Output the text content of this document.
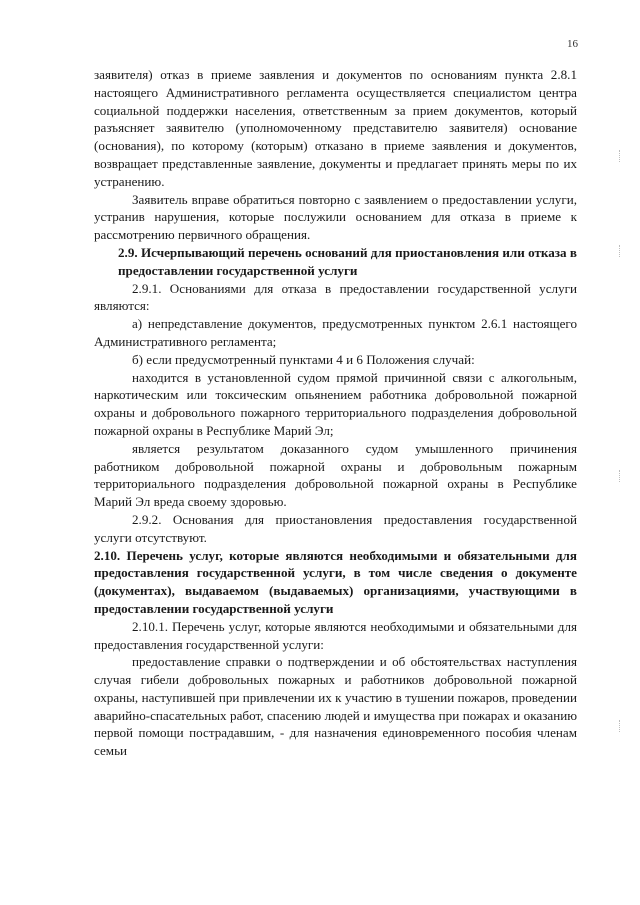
16

заявителя) отказ в приеме заявления и документов по основаниям пункта 2.8.1 настоящего Административного регламента осуществляется специалистом центра социальной поддержки населения, ответственным за прием документов, который разъясняет заявителю (уполномоченному представителю заявителя) основание (основания), по которому (которым) отказано в приеме заявления и документов, возвращает представленные заявление, документы и предлагает принять меры по их устранению.

Заявитель вправе обратиться повторно с заявлением о предоставлении услуги, устранив нарушения, которые послужили основанием для отказа в приеме к рассмотрению первичного обращения.

2.9. Исчерпывающий перечень оснований для приостановления или отказа в предоставлении государственной услуги

2.9.1. Основаниями для отказа в предоставлении государственной услуги являются:

а) непредставление документов, предусмотренных пунктом 2.6.1 настоящего Административного регламента;

б) если предусмотренный пунктами 4 и 6 Положения случай:

находится в установленной судом прямой причинной связи с алкогольным, наркотическим или токсическим опьянением работника добровольной пожарной охраны и добровольного пожарного территориального подразделения добровольной пожарной охраны в Республике Марий Эл;

является результатом доказанного судом умышленного причинения работником добровольной пожарной охраны и добровольным пожарным территориального подразделения добровольной пожарной охраны в Республике Марий Эл вреда своему здоровью.

2.9.2. Основания для приостановления предоставления государственной услуги отсутствуют.

2.10. Перечень услуг, которые являются необходимыми и обязательными для предоставления государственной услуги, в том числе сведения о документе (документах), выдаваемом (выдаваемых) организациями, участвующими в предоставлении государственной услуги

2.10.1. Перечень услуг, которые являются необходимыми и обязательными для предоставления государственной услуги:

предоставление справки о подтверждении и об обстоятельствах наступления случая гибели добровольных пожарных и работников добровольной пожарной охраны, наступившей при привлечении их к участию в тушении пожаров, проведении аварийно-спасательных работ, спасению людей и имущества при пожарах и оказанию первой помощи пострадавшим, - для назначения единовременного пособия членам семьи
